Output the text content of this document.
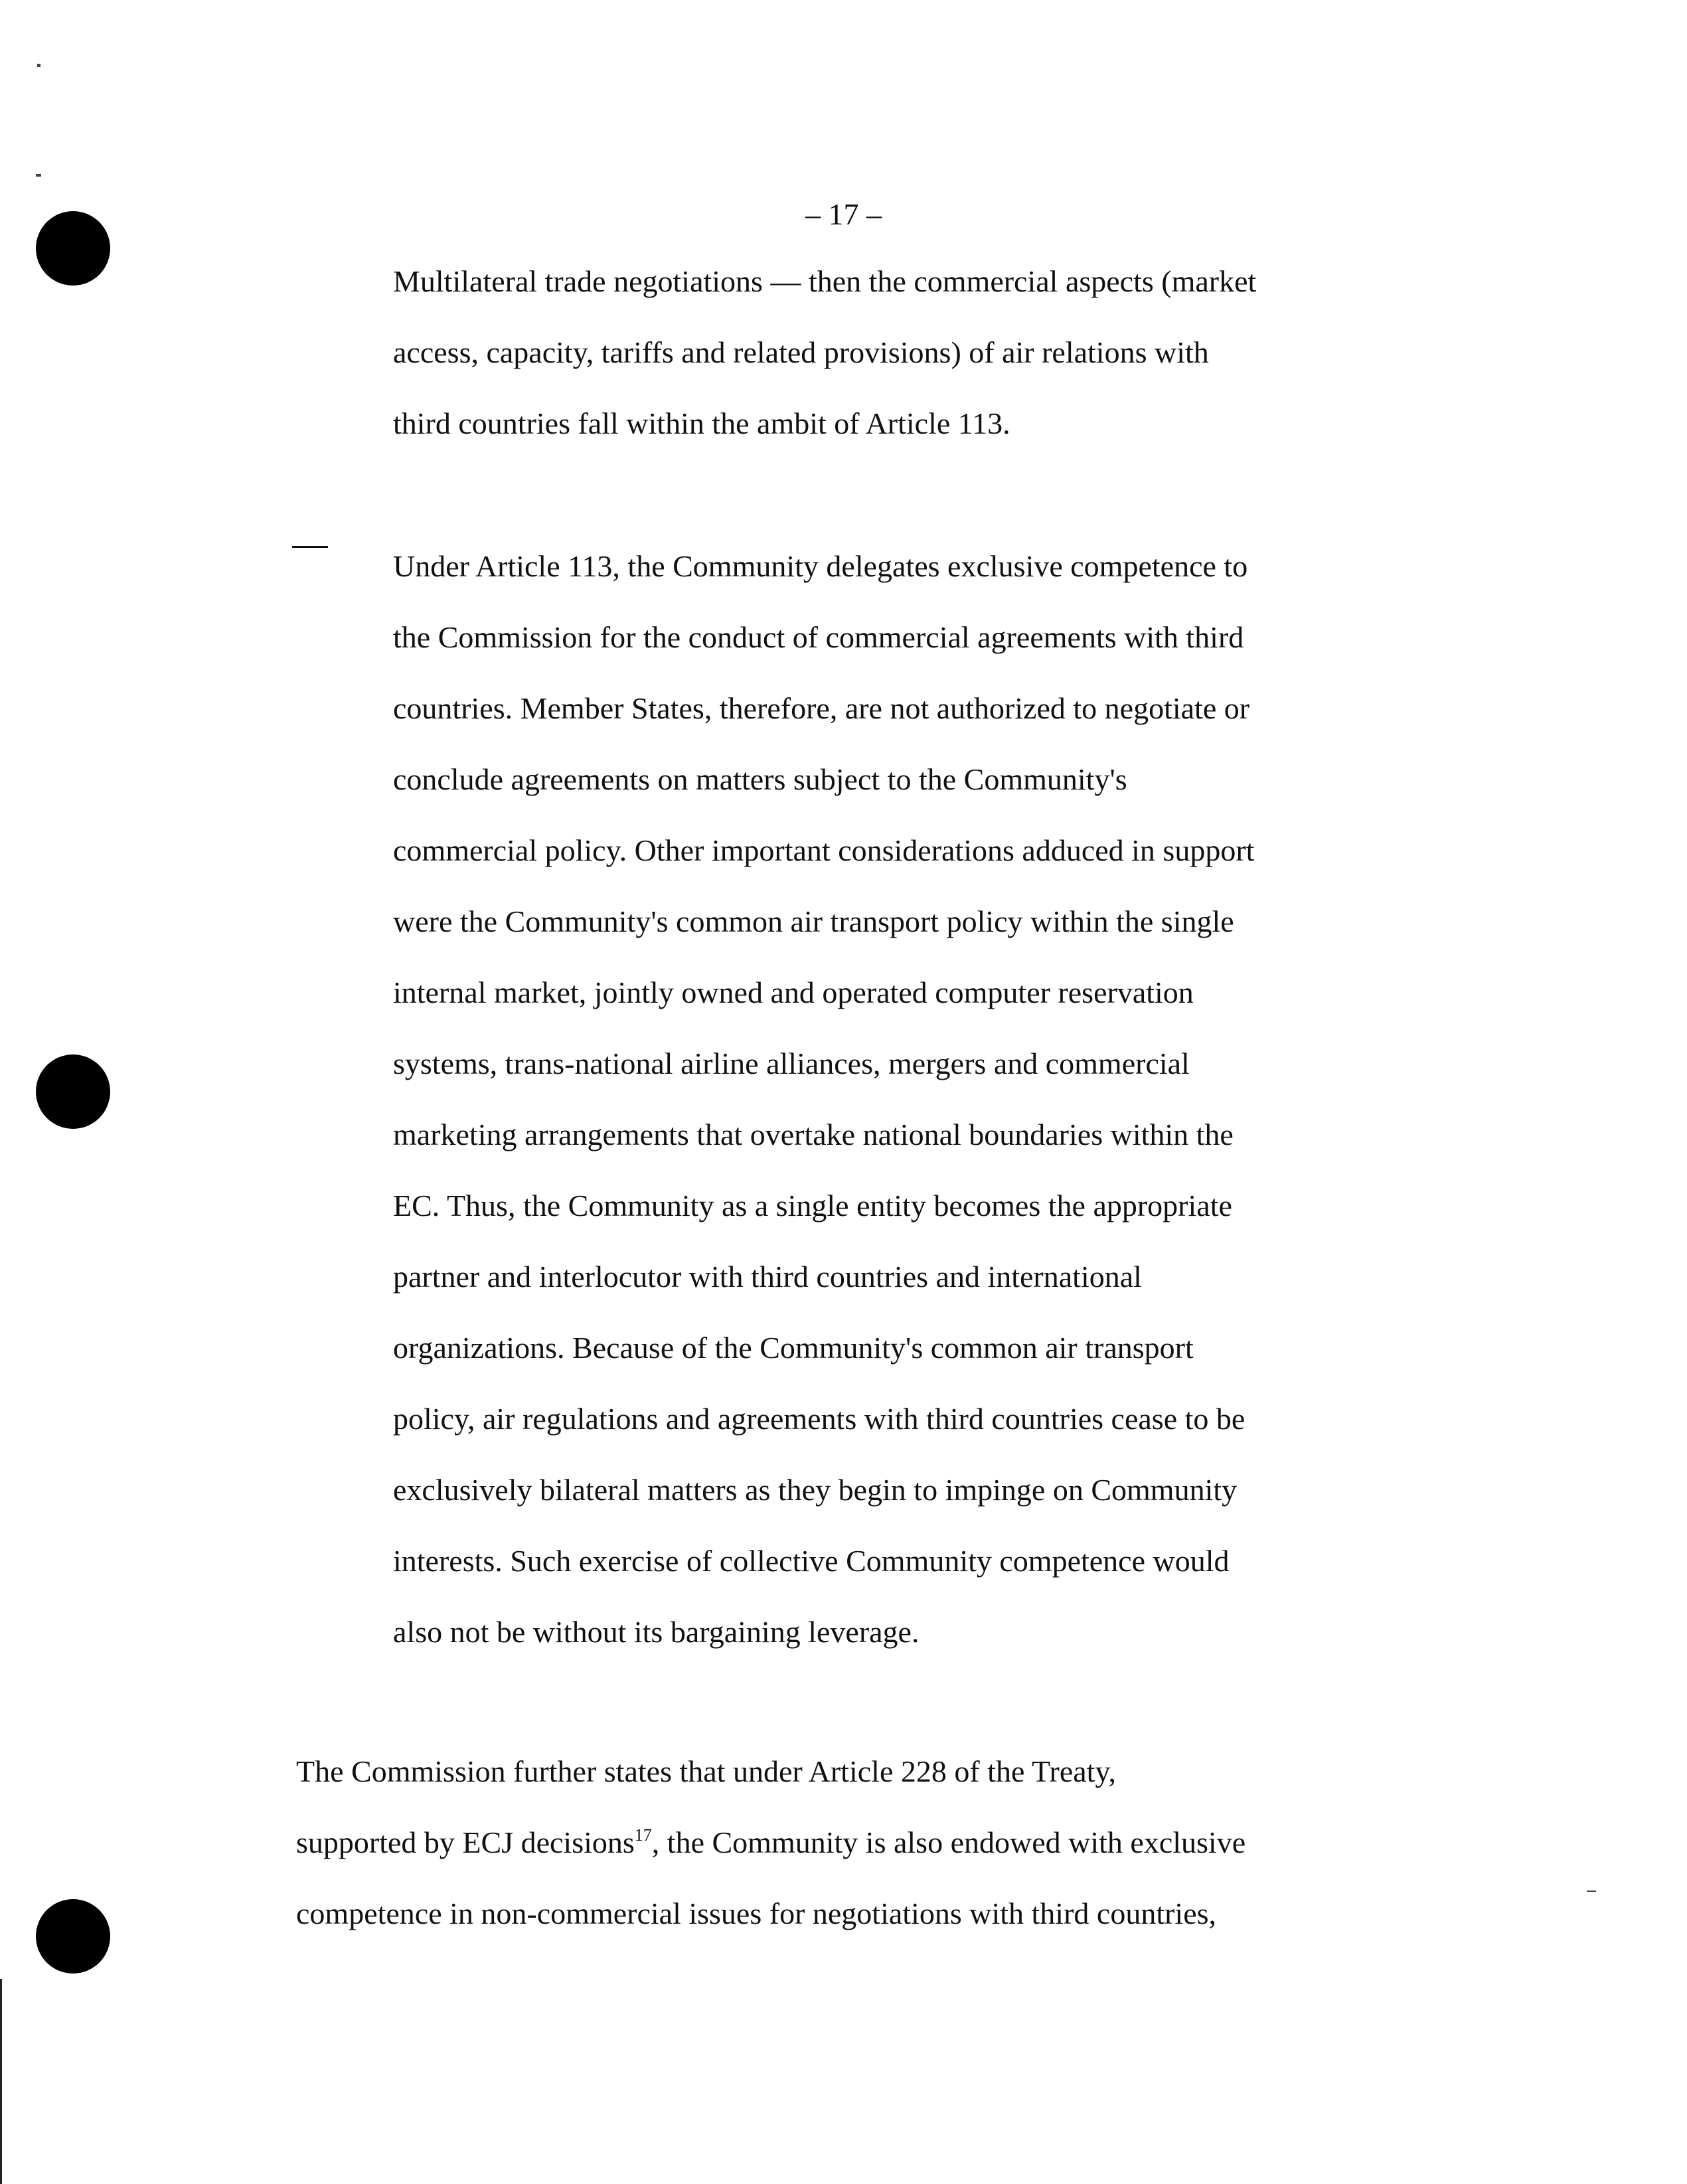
– 17 –
Multilateral trade negotiations — then the commercial aspects (market
access, capacity, tariffs and related provisions) of air relations with
third countries fall within the ambit of Article 113.
Under Article 113, the Community delegates exclusive competence to
the Commission for the conduct of commercial agreements with third
countries. Member States, therefore, are not authorized to negotiate or
conclude agreements on matters subject to the Community's
commercial policy. Other important considerations adduced in support
were the Community's common air transport policy within the single
internal market, jointly owned and operated computer reservation
systems, trans-national airline alliances, mergers and commercial
marketing arrangements that overtake national boundaries within the
EC. Thus, the Community as a single entity becomes the appropriate
partner and interlocutor with third countries and international
organizations. Because of the Community's common air transport
policy, air regulations and agreements with third countries cease to be
exclusively bilateral matters as they begin to impinge on Community
interests. Such exercise of collective Community competence would
also not be without its bargaining leverage.
The Commission further states that under Article 228 of the Treaty,
supported by ECJ decisions$^{17}$, the Community is also endowed with exclusive
competence in non-commercial issues for negotiations with third countries,
